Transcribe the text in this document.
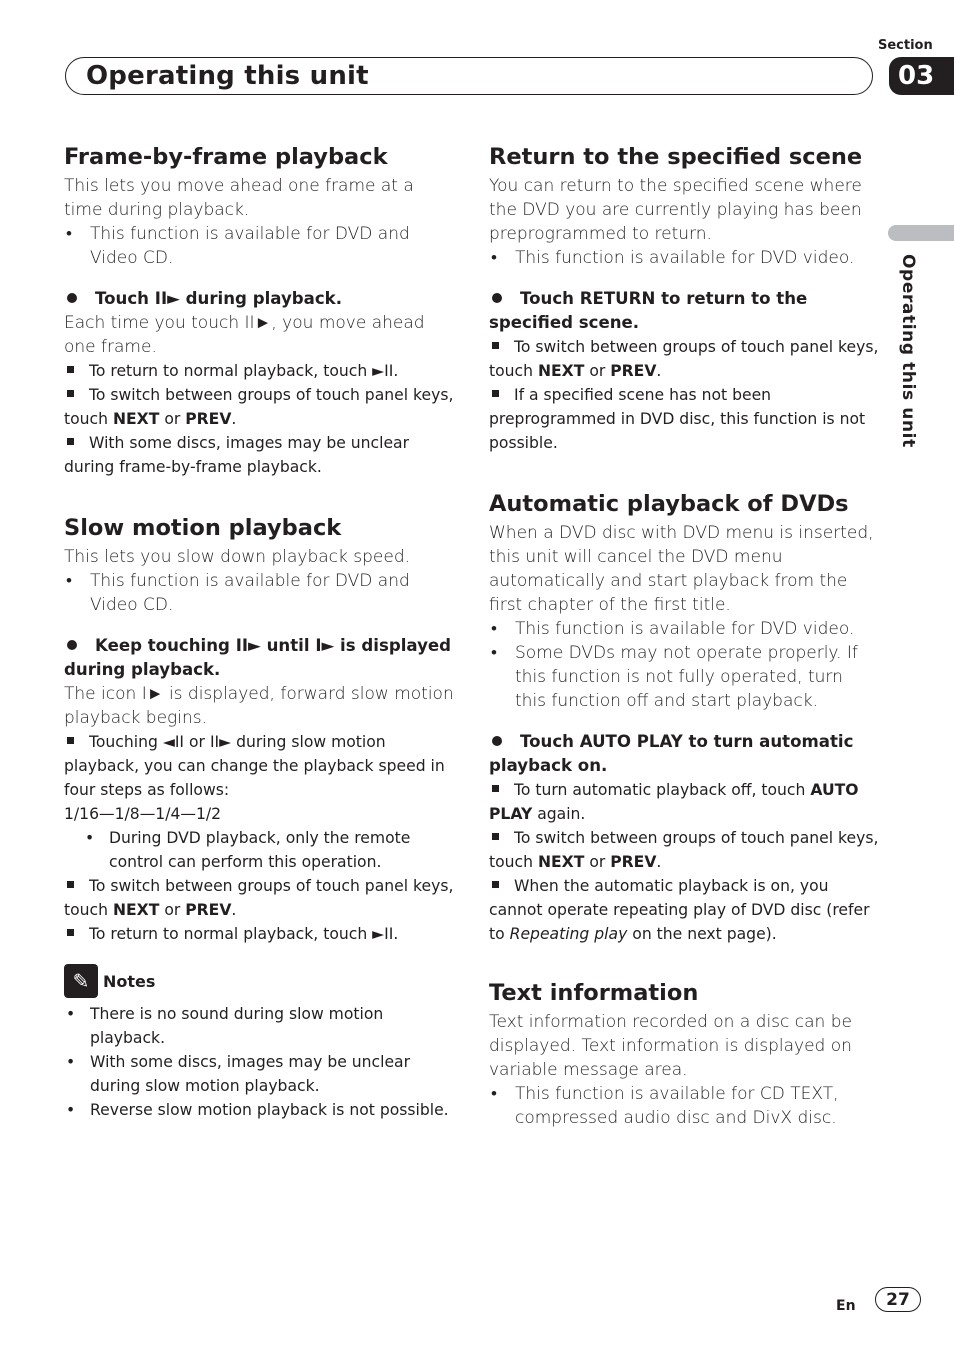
Section
Operating this unit	03
Operating this unit
Frame-by-frame playback

This lets you move ahead one frame at a time during playback.

• This function is available for DVD and Video CD.

Touch II► during playback.

Each time you touch II►, you move ahead one frame.

To return to normal playback, touch ►II.

To switch between groups of touch panel keys, touch NEXT or PREV.

With some discs, images may be unclear during frame-by-frame playback.

Slow motion playback

This lets you slow down playback speed.

• This function is available for DVD and Video CD.

Keep touching II► until I► is displayed during playback.

The icon I► is displayed, forward slow motion playback begins.

Touching ◄II or II► during slow motion playback, you can change the playback speed in four steps as follows:

1/16—1/8—1/4—1/2

• During DVD playback, only the remote control can perform this operation.

To switch between groups of touch panel keys, touch NEXT or PREV.

To return to normal playback, touch ►II.

✎ Notes

• There is no sound during slow motion playback.

• With some discs, images may be unclear during slow motion playback.

• Reverse slow motion playback is not possible.

Return to the specified scene

You can return to the specified scene where the DVD you are currently playing has been preprogrammed to return.

• This function is available for DVD video.

Touch RETURN to return to the specified scene.

To switch between groups of touch panel keys, touch NEXT or PREV.

If a specified scene has not been preprogrammed in DVD disc, this function is not possible.

Automatic playback of DVDs

When a DVD disc with DVD menu is inserted, this unit will cancel the DVD menu automatically and start playback from the first chapter of the first title.

• This function is available for DVD video.

• Some DVDs may not operate properly. If this function is not fully operated, turn this function off and start playback.

Touch AUTO PLAY to turn automatic playback on.

To turn automatic playback off, touch AUTO PLAY again.

To switch between groups of touch panel keys, touch NEXT or PREV.

When the automatic playback is on, you cannot operate repeating play of DVD disc (refer to Repeating play on the next page).

Text information

Text information recorded on a disc can be displayed. Text information is displayed on variable message area.

• This function is available for CD TEXT, compressed audio disc and DivX disc.

En	27
